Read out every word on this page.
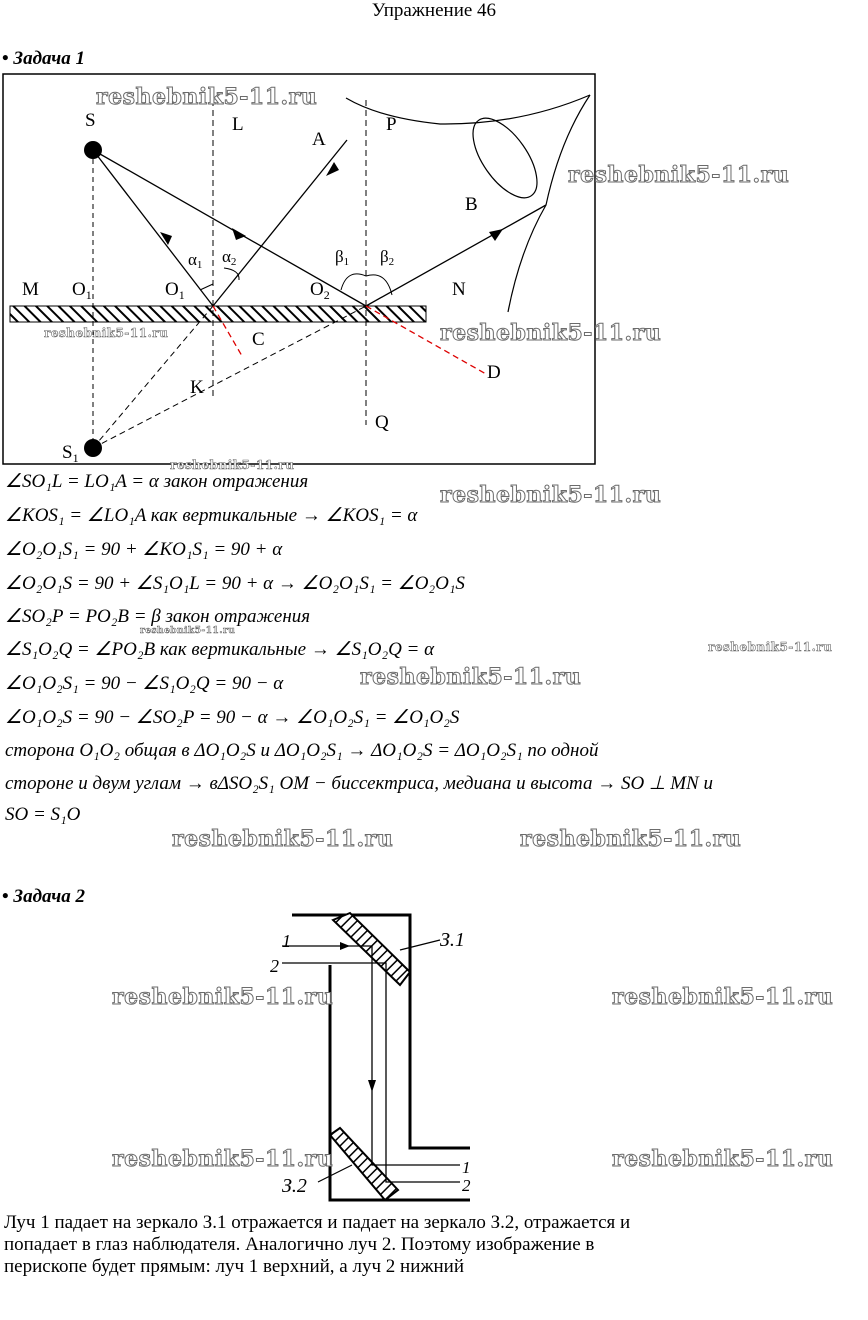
Упражнение 46
• Задача 1
S	L
A
P
B
M $O_1$	$O_1$	$O_2$	N
C
D
K
Q
$S_1$
α1 α2	β1 β2
reshebnik5-11.ru
reshebnik5-11.ru
reshebnik5-11.ru	reshebnik5-11.ru
reshebnik5-11.ru
reshebnik5-11.ru
reshebnik5-11.ru
reshebnik5-11.ru
reshebnik5-11.ru
reshebnik5-11.ru	reshebnik5-11.ru
∠SO₁L = LO₁A = α закон отражения
∠KOS₁ = ∠LO₁A как вертикальные → ∠KOS₁ = α
∠O₂O₁S₁ = 90 + ∠KO₁S₁ = 90 + α
∠O₂O₁S = 90 + ∠S₁O₁L = 90 + α → ∠O₂O₁S₁ = ∠O₂O₁S
∠SO₂P = PO₂B = β закон отражения
∠S₁O₂Q = ∠PO₂B как вертикальные → ∠S₁O₂Q = α
∠O₁O₂S₁ = 90 − ∠S₁O₂Q = 90 − α
∠O₁O₂S = 90 − ∠SO₂P = 90 − α → ∠O₁O₂S₁ = ∠O₁O₂S
сторона O₁O₂ общая в ΔO₁O₂S и ΔO₁O₂S₁ → ΔO₁O₂S = ΔO₁O₂S₁ по одной
стороне и двум углам → вΔSO₂S₁ OM − биссектриса, медиана и высота → SO ⊥ MN и
SO = S₁O
• Задача 2
1
2
З.1
З.2
1
2
reshebnik5-11.ru	reshebnik5-11.ru
reshebnik5-11.ru	reshebnik5-11.ru
Луч 1 падает на зеркало З.1 отражается и падает на зеркало З.2, отражается и
попадает в глаз наблюдателя. Аналогично луч 2. Поэтому изображение в
перископе будет прямым: луч 1 верхний, а луч 2 нижний
